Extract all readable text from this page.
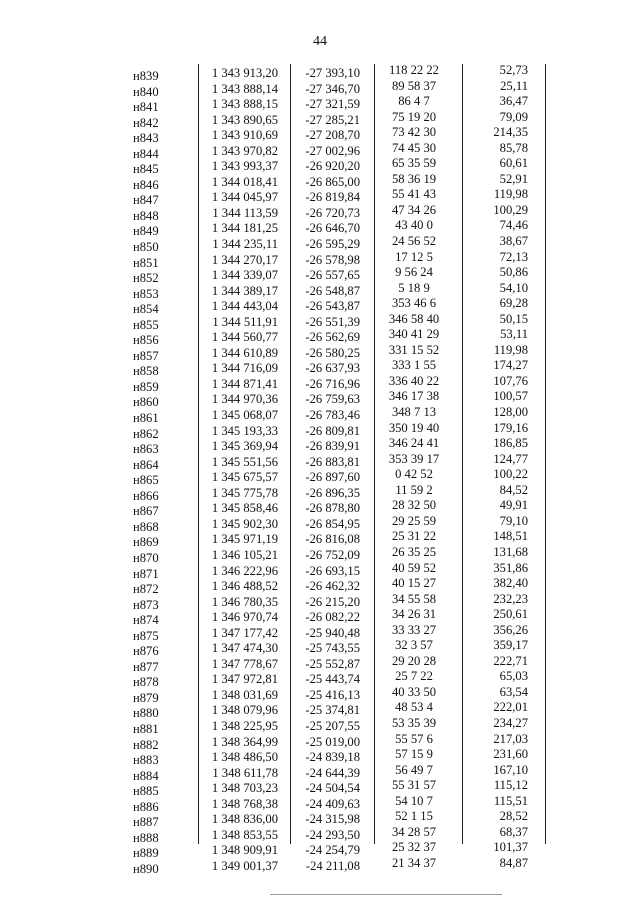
44
н839	1 343 913,20	-27 393,10	118 22 22	52,73
н840	1 343 888,14	-27 346,70	89 58 37	25,11
н841	1 343 888,15	-27 321,59	86 4 7	36,47
н842	1 343 890,65	-27 285,21	75 19 20	79,09
н843	1 343 910,69	-27 208,70	73 42 30	214,35
н844	1 343 970,82	-27 002,96	74 45 30	85,78
н845	1 343 993,37	-26 920,20	65 35 59	60,61
н846	1 344 018,41	-26 865,00	58 36 19	52,91
н847	1 344 045,97	-26 819,84	55 41 43	119,98
н848	1 344 113,59	-26 720,73	47 34 26	100,29
н849	1 344 181,25	-26 646,70	43 40 0	74,46
н850	1 344 235,11	-26 595,29	24 56 52	38,67
н851	1 344 270,17	-26 578,98	17 12 5	72,13
н852	1 344 339,07	-26 557,65	9 56 24	50,86
н853	1 344 389,17	-26 548,87	5 18 9	54,10
н854	1 344 443,04	-26 543,87	353 46 6	69,28
н855	1 344 511,91	-26 551,39	346 58 40	50,15
н856	1 344 560,77	-26 562,69	340 41 29	53,11
н857	1 344 610,89	-26 580,25	331 15 52	119,98
н858	1 344 716,09	-26 637,93	333 1 55	174,27
н859	1 344 871,41	-26 716,96	336 40 22	107,76
н860	1 344 970,36	-26 759,63	346 17 38	100,57
н861	1 345 068,07	-26 783,46	348 7 13	128,00
н862	1 345 193,33	-26 809,81	350 19 40	179,16
н863	1 345 369,94	-26 839,91	346 24 41	186,85
н864	1 345 551,56	-26 883,81	353 39 17	124,77
н865	1 345 675,57	-26 897,60	0 42 52	100,22
н866	1 345 775,78	-26 896,35	11 59 2	84,52
н867	1 345 858,46	-26 878,80	28 32 50	49,91
н868	1 345 902,30	-26 854,95	29 25 59	79,10
н869	1 345 971,19	-26 816,08	25 31 22	148,51
н870	1 346 105,21	-26 752,09	26 35 25	131,68
н871	1 346 222,96	-26 693,15	40 59 52	351,86
н872	1 346 488,52	-26 462,32	40 15 27	382,40
н873	1 346 780,35	-26 215,20	34 55 58	232,23
н874	1 346 970,74	-26 082,22	34 26 31	250,61
н875	1 347 177,42	-25 940,48	33 33 27	356,26
н876	1 347 474,30	-25 743,55	32 3 57	359,17
н877	1 347 778,67	-25 552,87	29 20 28	222,71
н878	1 347 972,81	-25 443,74	25 7 22	65,03
н879	1 348 031,69	-25 416,13	40 33 50	63,54
н880	1 348 079,96	-25 374,81	48 53 4	222,01
н881	1 348 225,95	-25 207,55	53 35 39	234,27
н882	1 348 364,99	-25 019,00	55 57 6	217,03
н883	1 348 486,50	-24 839,18	57 15 9	231,60
н884	1 348 611,78	-24 644,39	56 49 7	167,10
н885	1 348 703,23	-24 504,54	55 31 57	115,12
н886	1 348 768,38	-24 409,63	54 10 7	115,51
н887	1 348 836,00	-24 315,98	52 1 15	28,52
н888	1 348 853,55	-24 293,50	34 28 57	68,37
н889	1 348 909,91	-24 254,79	25 32 37	101,37
н890	1 349 001,37	-24 211,08	21 34 37	84,87
